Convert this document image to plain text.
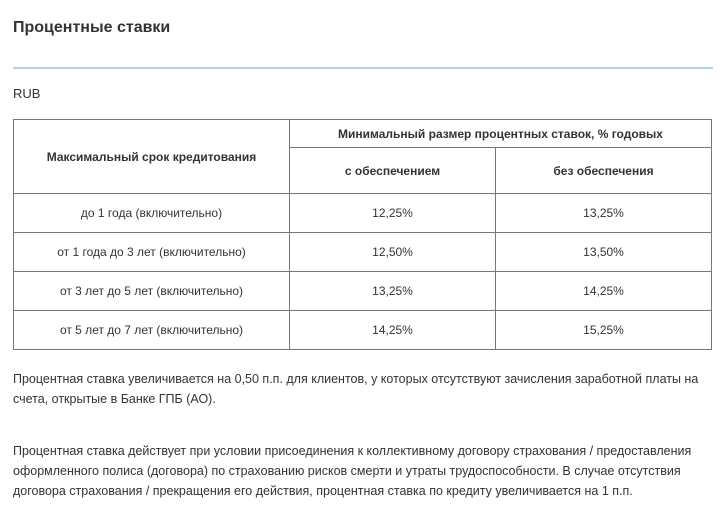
Процентные ставки
RUB
Максимальный срок кредитования	Минимальный размер процентных ставок, % годовых	
	с обеспечением	без обеспечения
до 1 года (включительно)	12,25%	13,25%
от 1 года до 3 лет (включительно)	12,50%	13,50%
от 3 лет до 5 лет (включительно)	13,25%	14,25%
от 5 лет до 7 лет (включительно)	14,25%	15,25%

Процентная ставка увеличивается на 0,50 п.п. для клиентов, у которых отсутствуют зачисления заработной платы на счета, открытые в Банке ГПБ (АО).

Процентная ставка действует при условии присоединения к коллективному договору страхования / предоставления оформленного полиса (договора) по страхованию рисков смерти и утраты трудоспособности. В случае отсутствия договора страхования / прекращения его действия, процентная ставка по кредиту увеличивается на 1 п.п.
